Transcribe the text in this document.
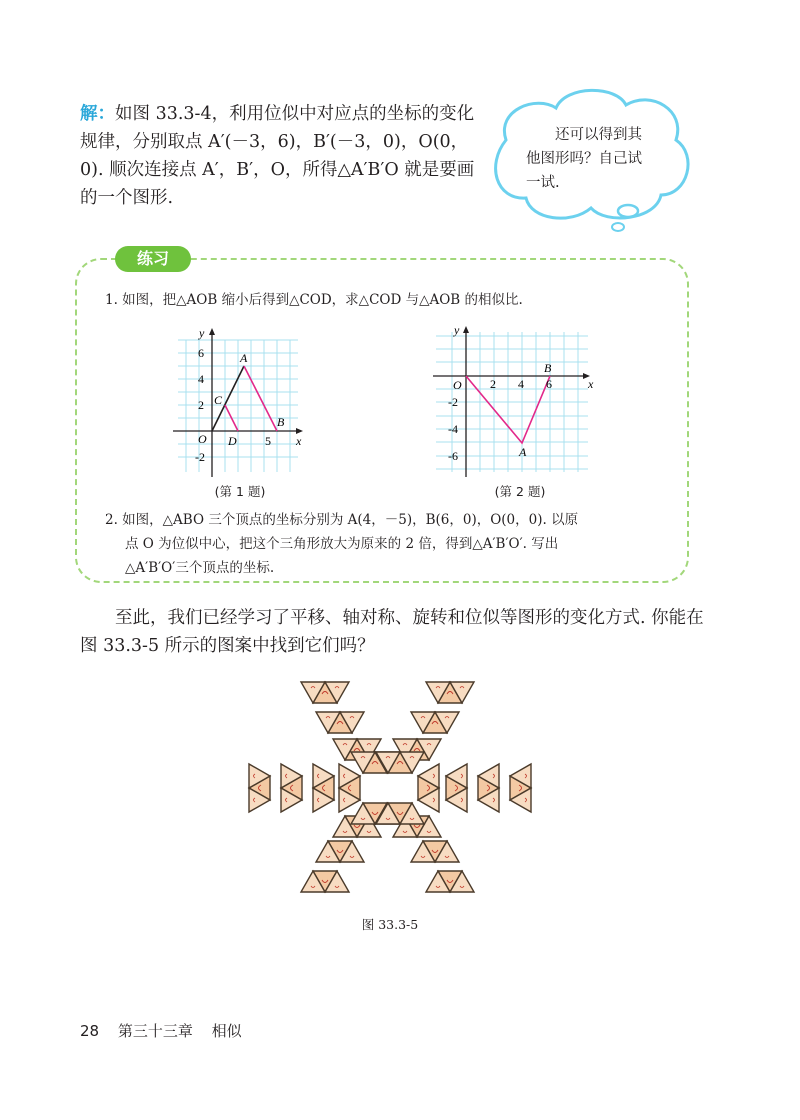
解：如图 33.3-4，利用位似中对应点的坐标的变化规律，分别取点 A′(－3，6)，B′(－3，0)，O(0，0). 顺次连接点 A′，B′，O，所得△A′B′O 就是要画的一个图形.

还可以得到其他图形吗？自己试一试.

练习

1. 如图，把△AOB 缩小后得到△COD，求△COD 与△AOB 的相似比.

y
x
O
A
B
C
D
6
4
2
-2
5
(第 1 题)
y
x
O
A
B
2 4 6
-2
-4
-6
(第 2 题)
2. 如图，△ABO 三个顶点的坐标分别为 A(4，－5)，B(6，0)，O(0，0). 以原
点 O 为位似中心，把这个三角形放大为原来的 2 倍，得到△A′B′O′. 写出
△A′B′O′三个顶点的坐标.

至此，我们已经学习了平移、轴对称、旋转和位似等图形的变化方式. 你能在图 33.3-5 所示的图案中找到它们吗？

图 33.3-5
28 第三十三章 相似
